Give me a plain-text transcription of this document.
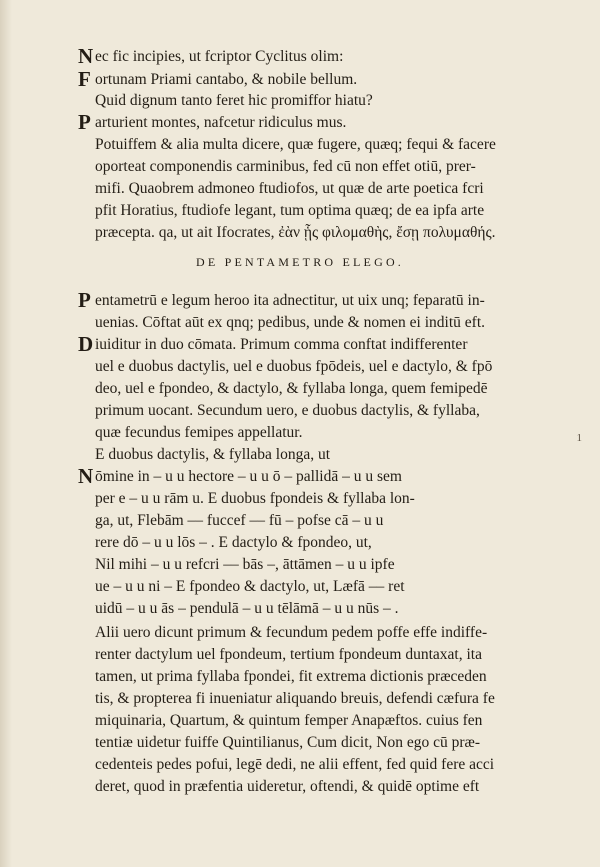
N ec fic incipies, ut fcriptor Cyclitus olim:
F ortunam Priami cantabo, & nobile bellum.
Quid dignum tanto feret hic promiffor hiatu?
P arturient montes, nafcetur ridiculus mus.
Potuiffem & alia multa dicere, quæ fugere, quæq; fequi & facere
oporteat componendis carminibus, fed cū non effet otiū, prer-
mifi. Quaobrem admoneo ftudiofos, ut quæ de arte poetica fcri
pfit Horatius, ftudiofe legant, tum optima quæq; de ea ipfa arte
præcepta. qa, ut ait Ifocrates, ἐὰν ᾗς φιλομαθὴς, ἔσῃ πολυμαθής.
P entametrū e legum heroo ita adnectitur, ut uix unq; feparatū in-
uenias. Cōftat aūt ex qnq; pedibus, unde & nomen ei inditū eft.
D iuiditur in duo cōmata. Primum comma conftat indifferenter
uel e duobus dactylis, uel e duobus fpōdeis, uel e dactylo, & fpō
deo, uel e fpondeo, & dactylo, & fyllaba longa, quem femipedē
primum uocant. Secundum uero, e duobus dactylis, & fyllaba,
quæ fecundus femipes appellatur.
E duobus dactylis, & fyllaba longa, ut
N ōmine in – u u hectore – u u ō – pallidā – u u sem
per e – u u rām u. E duobus fpondeis & fyllaba lon-
ga, ut, Flebām –– fuccef –– fū – pofse cā – u u
rere dō – u u lōs – . E dactylo & fpondeo, ut,
Nil mihi – u u refcri –– bās –, āttāmen – u u ipfe
ue – u u ni – E fpondeo & dactylo, ut, Læfā –– ret
uidū – u u ās – pendulā – u u tēlāmā – u u nūs – .
Alii uero dicunt primum & fecundum pedem poffe effe indiffe-
renter dactylum uel fpondeum, tertium fpondeum duntaxat, ita
tamen, ut prima fyllaba fpondei, fit extrema dictionis præceden
tis, & propterea fi inueniatur aliquando breuis, defendi cæfura fe
miquinaria, Quartum, & quintum femper Anapæftos. cuius fen
tentiæ uidetur fuiffe Quintilianus, Cum dicit, Non ego cū præ-
cedenteis pedes pofui, legē dedi, ne alii effent, fed quid fere acci
deret, quod in præfentia uideretur, oftendi, & quidē optime eft
DE PENTAMETRO ELEGO.
1
